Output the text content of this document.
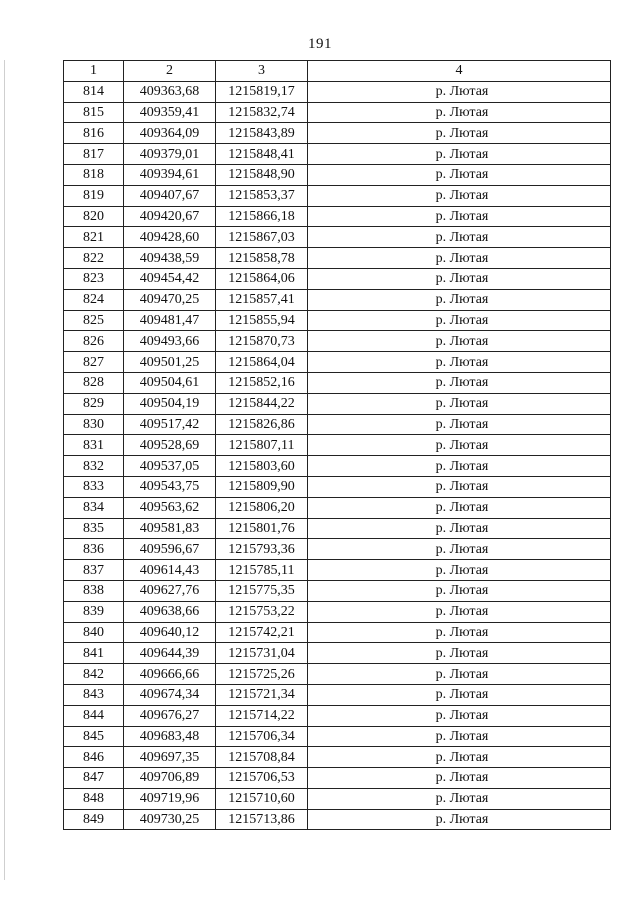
191
1	2	3	4
814	409363,68	1215819,17	р. Лютая
815	409359,41	1215832,74	р. Лютая
816	409364,09	1215843,89	р. Лютая
817	409379,01	1215848,41	р. Лютая
818	409394,61	1215848,90	р. Лютая
819	409407,67	1215853,37	р. Лютая
820	409420,67	1215866,18	р. Лютая
821	409428,60	1215867,03	р. Лютая
822	409438,59	1215858,78	р. Лютая
823	409454,42	1215864,06	р. Лютая
824	409470,25	1215857,41	р. Лютая
825	409481,47	1215855,94	р. Лютая
826	409493,66	1215870,73	р. Лютая
827	409501,25	1215864,04	р. Лютая
828	409504,61	1215852,16	р. Лютая
829	409504,19	1215844,22	р. Лютая
830	409517,42	1215826,86	р. Лютая
831	409528,69	1215807,11	р. Лютая
832	409537,05	1215803,60	р. Лютая
833	409543,75	1215809,90	р. Лютая
834	409563,62	1215806,20	р. Лютая
835	409581,83	1215801,76	р. Лютая
836	409596,67	1215793,36	р. Лютая
837	409614,43	1215785,11	р. Лютая
838	409627,76	1215775,35	р. Лютая
839	409638,66	1215753,22	р. Лютая
840	409640,12	1215742,21	р. Лютая
841	409644,39	1215731,04	р. Лютая
842	409666,66	1215725,26	р. Лютая
843	409674,34	1215721,34	р. Лютая
844	409676,27	1215714,22	р. Лютая
845	409683,48	1215706,34	р. Лютая
846	409697,35	1215708,84	р. Лютая
847	409706,89	1215706,53	р. Лютая
848	409719,96	1215710,60	р. Лютая
849	409730,25	1215713,86	р. Лютая
